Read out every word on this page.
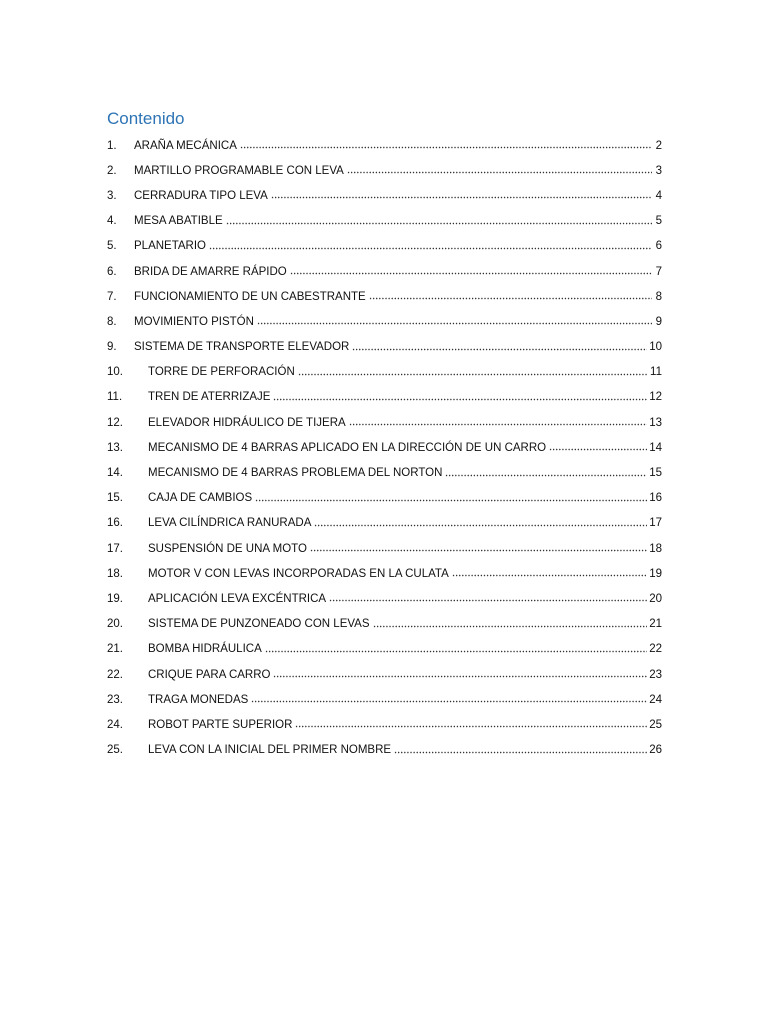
Contenido
1.	ARAÑA MECÁNICA	2
2.	MARTILLO PROGRAMABLE CON LEVA	3
3.	CERRADURA TIPO LEVA	4
4.	MESA ABATIBLE	5
5.	PLANETARIO	6
6.	BRIDA DE AMARRE RÁPIDO	7
7.	FUNCIONAMIENTO DE UN CABESTRANTE	8
8.	MOVIMIENTO PISTÓN	9
9.	SISTEMA DE TRANSPORTE ELEVADOR	10
10.	TORRE DE PERFORACIÓN	11
11.	TREN DE ATERRIZAJE	12
12.	ELEVADOR HIDRÁULICO DE TIJERA	13
13.	MECANISMO DE 4 BARRAS APLICADO EN LA DIRECCIÓN DE UN CARRO	14
14.	MECANISMO DE 4 BARRAS PROBLEMA DEL NORTON	15
15.	CAJA DE CAMBIOS	16
16.	LEVA CILÍNDRICA RANURADA	17
17.	SUSPENSIÓN DE UNA MOTO	18
18.	MOTOR V CON LEVAS INCORPORADAS EN LA CULATA	19
19.	APLICACIÓN LEVA EXCÉNTRICA	20
20.	SISTEMA DE PUNZONEADO CON LEVAS	21
21.	BOMBA HIDRÁULICA	22
22.	CRIQUE PARA CARRO	23
23.	TRAGA MONEDAS	24
24.	ROBOT PARTE SUPERIOR	25
25.	LEVA CON LA INICIAL DEL PRIMER NOMBRE	26
